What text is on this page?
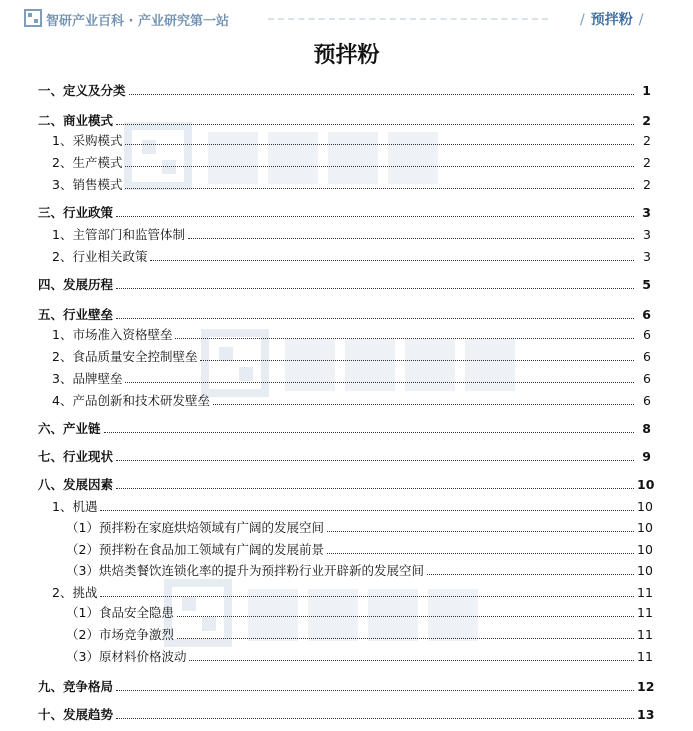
智研产业百科 · 产业研究第一站	/ 预拌粉 /
预拌粉
一、定义及分类	1
二、商业模式	2
1、采购模式	2
2、生产模式	2
3、销售模式	2
三、行业政策	3
1、主管部门和监管体制	3
2、行业相关政策	3
四、发展历程	5
五、行业壁垒	6
1、市场准入资格壁垒	6
2、食品质量安全控制壁垒	6
3、品牌壁垒	6
4、产品创新和技术研发壁垒	6
六、产业链	8
七、行业现状	9
八、发展因素	10
1、机遇	10
（1）预拌粉在家庭烘焙领域有广阔的发展空间	10
（2）预拌粉在食品加工领域有广阔的发展前景	10
（3）烘焙类餐饮连锁化率的提升为预拌粉行业开辟新的发展空间	10
2、挑战	11
（1）食品安全隐患	11
（2）市场竞争激烈	11
（3）原材料价格波动	11
九、竞争格局	12
十、发展趋势	13
